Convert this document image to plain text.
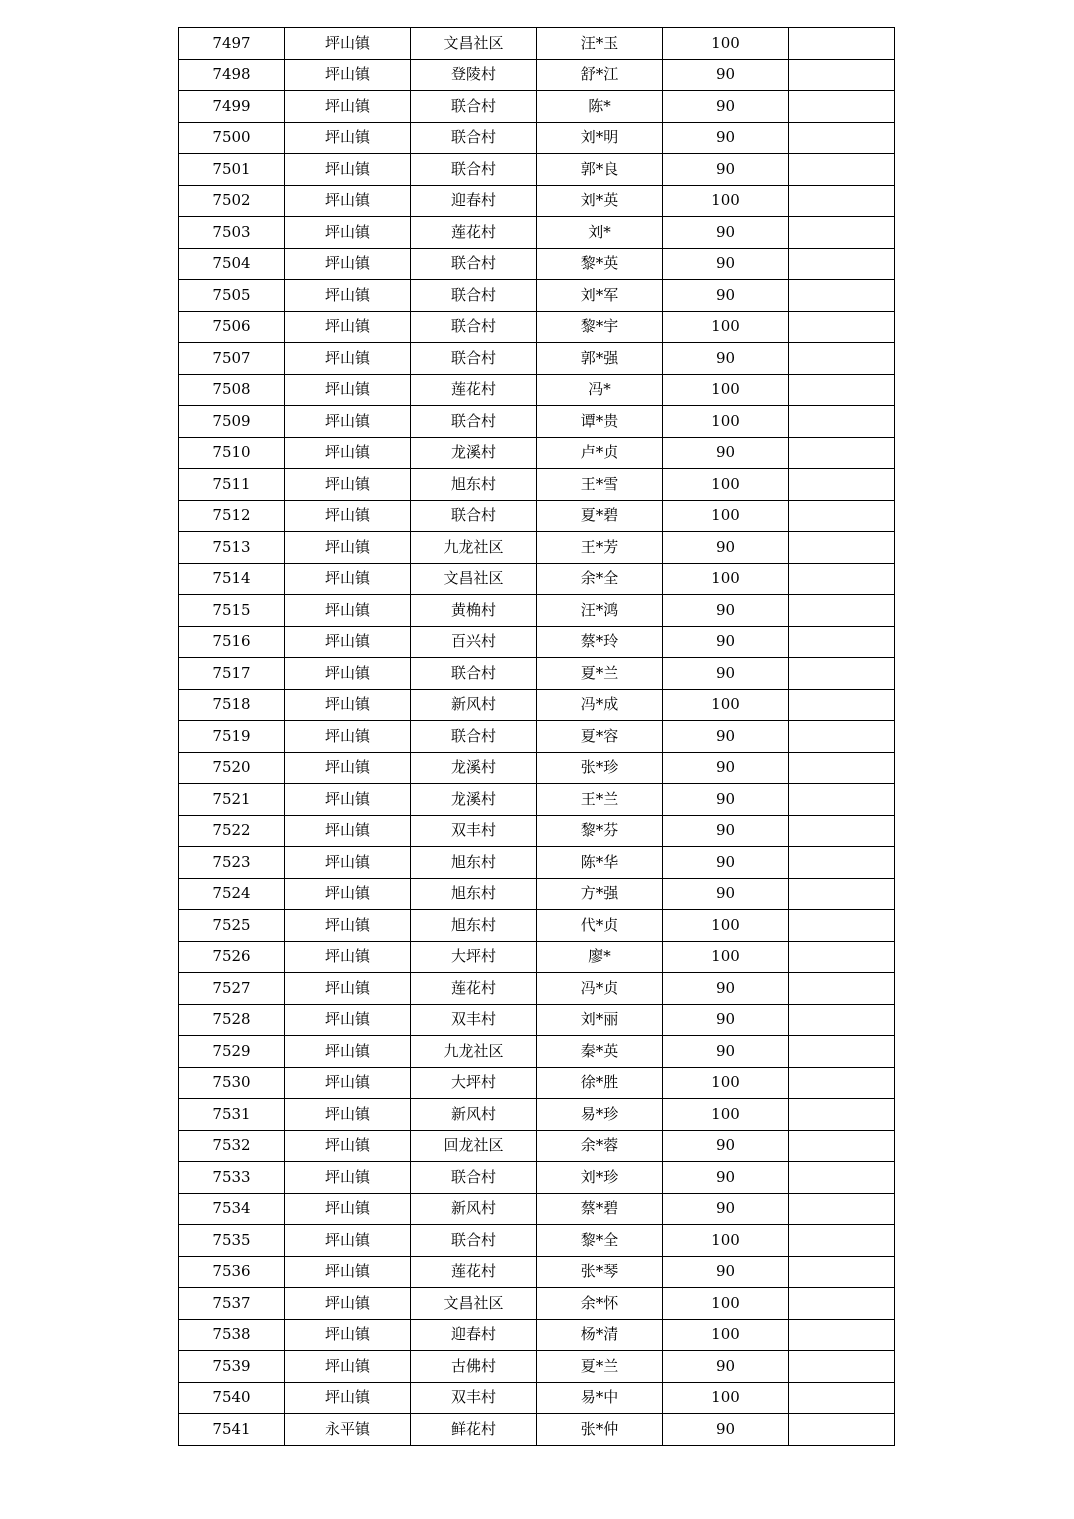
7497	坪山镇	文昌社区	汪*玉	100	
7498	坪山镇	登陵村	舒*江	90	
7499	坪山镇	联合村	陈*	90	
7500	坪山镇	联合村	刘*明	90	
7501	坪山镇	联合村	郭*良	90	
7502	坪山镇	迎春村	刘*英	100	
7503	坪山镇	莲花村	刘*	90	
7504	坪山镇	联合村	黎*英	90	
7505	坪山镇	联合村	刘*军	90	
7506	坪山镇	联合村	黎*宇	100	
7507	坪山镇	联合村	郭*强	90	
7508	坪山镇	莲花村	冯*	100	
7509	坪山镇	联合村	谭*贵	100	
7510	坪山镇	龙溪村	卢*贞	90	
7511	坪山镇	旭东村	王*雪	100	
7512	坪山镇	联合村	夏*碧	100	
7513	坪山镇	九龙社区	王*芳	90	
7514	坪山镇	文昌社区	余*全	100	
7515	坪山镇	黄桷村	汪*鸿	90	
7516	坪山镇	百兴村	蔡*玲	90	
7517	坪山镇	联合村	夏*兰	90	
7518	坪山镇	新风村	冯*成	100	
7519	坪山镇	联合村	夏*容	90	
7520	坪山镇	龙溪村	张*珍	90	
7521	坪山镇	龙溪村	王*兰	90	
7522	坪山镇	双丰村	黎*芬	90	
7523	坪山镇	旭东村	陈*华	90	
7524	坪山镇	旭东村	方*强	90	
7525	坪山镇	旭东村	代*贞	100	
7526	坪山镇	大坪村	廖*	100	
7527	坪山镇	莲花村	冯*贞	90	
7528	坪山镇	双丰村	刘*丽	90	
7529	坪山镇	九龙社区	秦*英	90	
7530	坪山镇	大坪村	徐*胜	100	
7531	坪山镇	新风村	易*珍	100	
7532	坪山镇	回龙社区	余*蓉	90	
7533	坪山镇	联合村	刘*珍	90	
7534	坪山镇	新风村	蔡*碧	90	
7535	坪山镇	联合村	黎*全	100	
7536	坪山镇	莲花村	张*琴	90	
7537	坪山镇	文昌社区	余*怀	100	
7538	坪山镇	迎春村	杨*清	100	
7539	坪山镇	古佛村	夏*兰	90	
7540	坪山镇	双丰村	易*中	100	
7541	永平镇	鲜花村	张*仲	90	
